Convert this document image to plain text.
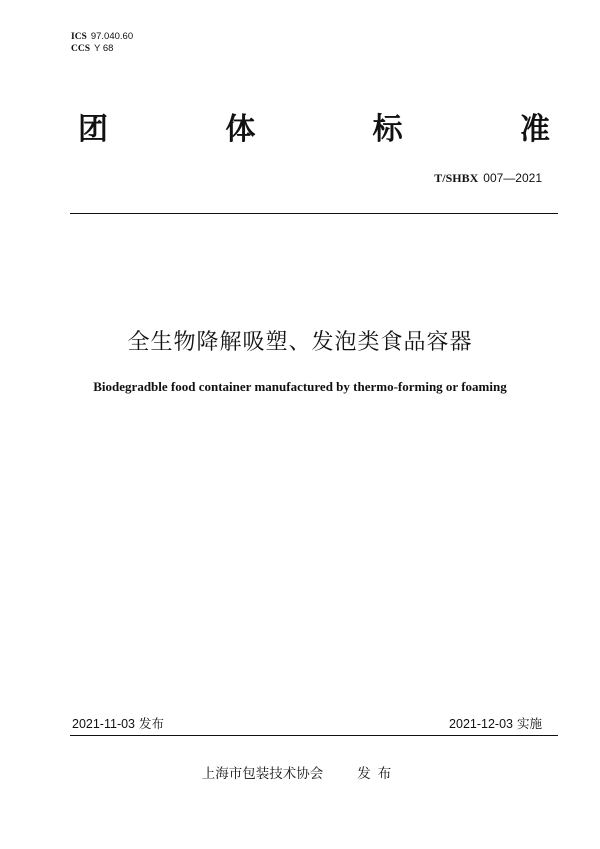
ICS 97.040.60
CCS Y 68
团	体	标	准
T/SHBX 007—2021
全生物降解吸塑、发泡类食品容器
Biodegradble food container manufactured by thermo-forming or foaming
2021-11-03 发布	2021-12-03 实施
上海市包装技术协会	发布
